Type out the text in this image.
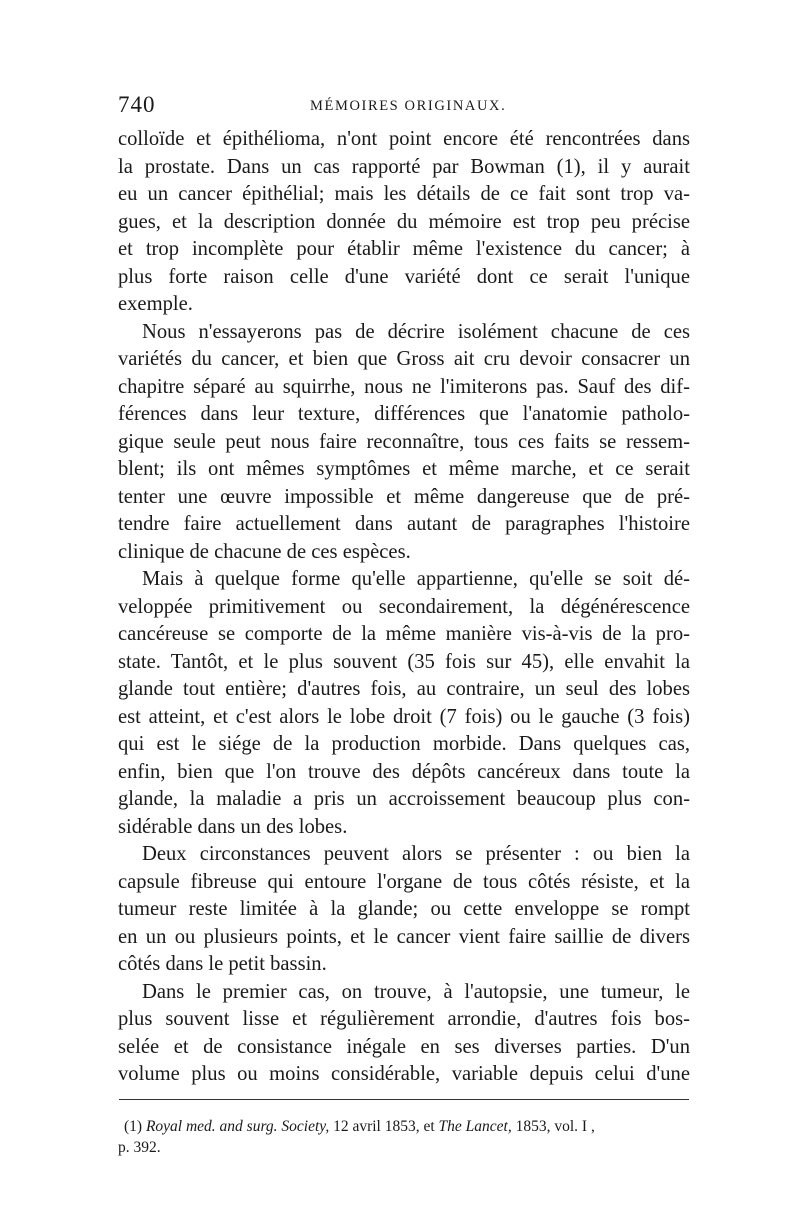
740	MÉMOIRES ORIGINAUX.
colloïde et épithélioma, n'ont point encore été rencontrées dans
la prostate. Dans un cas rapporté par Bowman (1), il y aurait
eu un cancer épithélial; mais les détails de ce fait sont trop va-
gues, et la description donnée du mémoire est trop peu précise
et trop incomplète pour établir même l'existence du cancer; à
plus forte raison celle d'une variété dont ce serait l'unique
exemple.
Nous n'essayerons pas de décrire isolément chacune de ces
variétés du cancer, et bien que Gross ait cru devoir consacrer un
chapitre séparé au squirrhe, nous ne l'imiterons pas. Sauf des dif-
férences dans leur texture, différences que l'anatomie patholo-
gique seule peut nous faire reconnaître, tous ces faits se ressem-
blent; ils ont mêmes symptômes et même marche, et ce serait
tenter une œuvre impossible et même dangereuse que de pré-
tendre faire actuellement dans autant de paragraphes l'histoire
clinique de chacune de ces espèces.
Mais à quelque forme qu'elle appartienne, qu'elle se soit dé-
veloppée primitivement ou secondairement, la dégénérescence
cancéreuse se comporte de la même manière vis-à-vis de la pro-
state. Tantôt, et le plus souvent (35 fois sur 45), elle envahit la
glande tout entière; d'autres fois, au contraire, un seul des lobes
est atteint, et c'est alors le lobe droit (7 fois) ou le gauche (3 fois)
qui est le siége de la production morbide. Dans quelques cas,
enfin, bien que l'on trouve des dépôts cancéreux dans toute la
glande, la maladie a pris un accroissement beaucoup plus con-
sidérable dans un des lobes.
Deux circonstances peuvent alors se présenter : ou bien la
capsule fibreuse qui entoure l'organe de tous côtés résiste, et la
tumeur reste limitée à la glande; ou cette enveloppe se rompt
en un ou plusieurs points, et le cancer vient faire saillie de divers
côtés dans le petit bassin.
Dans le premier cas, on trouve, à l'autopsie, une tumeur, le
plus souvent lisse et régulièrement arrondie, d'autres fois bos-
selée et de consistance inégale en ses diverses parties. D'un
volume plus ou moins considérable, variable depuis celui d'une
(1) Royal med. and surg. Society, 12 avril 1853, et The Lancet, 1853, vol. I ,
p. 392.
